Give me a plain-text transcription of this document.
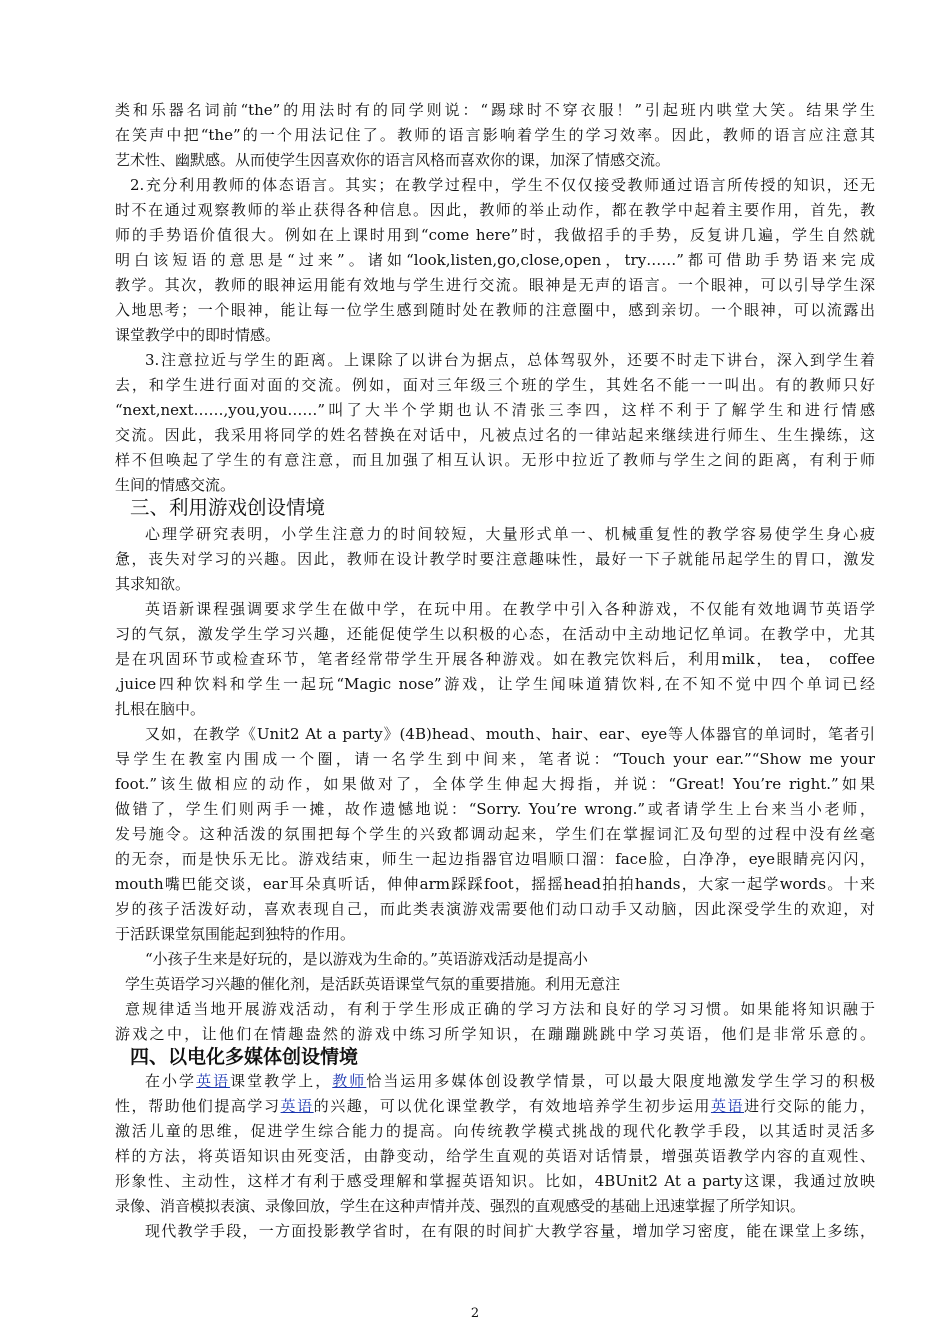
类和乐器名词前“the”的用法时有的同学则说：“踢球时不穿衣服！”引起班内哄堂大笑。结果学生
在笑声中把“the”的一个用法记住了。教师的语言影响着学生的学习效率。因此，教师的语言应注意其
艺术性、幽默感。从而使学生因喜欢你的语言风格而喜欢你的课，加深了情感交流。
2.充分利用教师的体态语言。其实；在教学过程中，学生不仅仅接受教师通过语言所传授的知识，还无
时不在通过观察教师的举止获得各种信息。因此，教师的举止动作，都在教学中起着主要作用，首先，教
师的手势语价值很大。例如在上课时用到“come here”时，我做招手的手势，反复讲几遍，学生自然就
明白该短语的意思是“过来”。诸如“look,listen,go,close,open，try……”都可借助手势语来完成
教学。其次，教师的眼神运用能有效地与学生进行交流。眼神是无声的语言。一个眼神，可以引导学生深
入地思考；一个眼神，能让每一位学生感到随时处在教师的注意圈中，感到亲切。一个眼神，可以流露出
课堂教学中的即时情感。
3.注意拉近与学生的距离。上课除了以讲台为据点，总体驾驭外，还要不时走下讲台，深入到学生着
去，和学生进行面对面的交流。例如，面对三年级三个班的学生，其姓名不能一一叫出。有的教师只好
“next,next……,you,you……”叫了大半个学期也认不清张三李四，这样不利于了解学生和进行情感
交流。因此，我采用将同学的姓名替换在对话中，凡被点过名的一律站起来继续进行师生、生生操练，这
样不但唤起了学生的有意注意，而且加强了相互认识。无形中拉近了教师与学生之间的距离，有利于师
生间的情感交流。
三、利用游戏创设情境
心理学研究表明，小学生注意力的时间较短，大量形式单一、机械重复性的教学容易使学生身心疲
惫，丧失对学习的兴趣。因此，教师在设计教学时要注意趣味性，最好一下子就能吊起学生的胃口，激发
其求知欲。
英语新课程强调要求学生在做中学，在玩中用。在教学中引入各种游戏，不仅能有效地调节英语学
习的气氛，激发学生学习兴趣，还能促使学生以积极的心态，在活动中主动地记忆单词。在教学中，尤其
是在巩固环节或检查环节，笔者经常带学生开展各种游戏。如在教完饮料后，利用milk， tea， coffee
,juice四种饮料和学生一起玩“Magic nose”游戏，让学生闻味道猜饮料,在不知不觉中四个单词已经
扎根在脑中。
又如，在教学《Unit2 At a party》(4B)head、mouth、hair、ear、eye等人体器官的单词时，笔者引
导学生在教室内围成一个圈，请一名学生到中间来，笔者说：“Touch your ear.”“Show me your
foot.”该生做相应的动作，如果做对了，全体学生伸起大拇指，并说：“Great! You’re right.”如果
做错了，学生们则两手一摊，故作遗憾地说：“Sorry. You’re wrong.”或者请学生上台来当小老师，
发号施令。这种活泼的氛围把每个学生的兴致都调动起来，学生们在掌握词汇及句型的过程中没有丝毫
的无奈，而是快乐无比。游戏结束，师生一起边指器官边唱顺口溜：face脸，白净净，eye眼睛亮闪闪，
mouth嘴巴能交谈，ear耳朵真听话，伸伸arm踩踩foot，摇摇head拍拍hands，大家一起学words。十来
岁的孩子活泼好动，喜欢表现自己，而此类表演游戏需要他们动口动手又动脑，因此深受学生的欢迎，对
于活跃课堂氛围能起到独特的作用。
“小孩子生来是好玩的，是以游戏为生命的。”英语游戏活动是提高小
学生英语学习兴趣的催化剂，是活跃英语课堂气氛的重要措施。利用无意注
意规律适当地开展游戏活动，有利于学生形成正确的学习方法和良好的学习习惯。如果能将知识融于
游戏之中，让他们在情趣盎然的游戏中练习所学知识，在蹦蹦跳跳中学习英语，他们是非常乐意的。
四、以电化多媒体创设情境
在小学英语课堂教学上，教师恰当运用多媒体创设教学情景，可以最大限度地激发学生学习的积极
性，帮助他们提高学习英语的兴趣，可以优化课堂教学，有效地培养学生初步运用英语进行交际的能力，
激活儿童的思维，促进学生综合能力的提高。向传统教学模式挑战的现代化教学手段，以其适时灵活多
样的方法，将英语知识由死变活，由静变动，给学生直观的英语对话情景，增强英语教学内容的直观性、
形象性、主动性，这样才有利于感受理解和掌握英语知识。比如，4BUnit2 At a party这课，我通过放映
录像、消音模拟表演、录像回放，学生在这种声情并茂、强烈的直观感受的基础上迅速掌握了所学知识。
现代教学手段，一方面投影教学省时，在有限的时间扩大教学容量，增加学习密度，能在课堂上多练，
2
